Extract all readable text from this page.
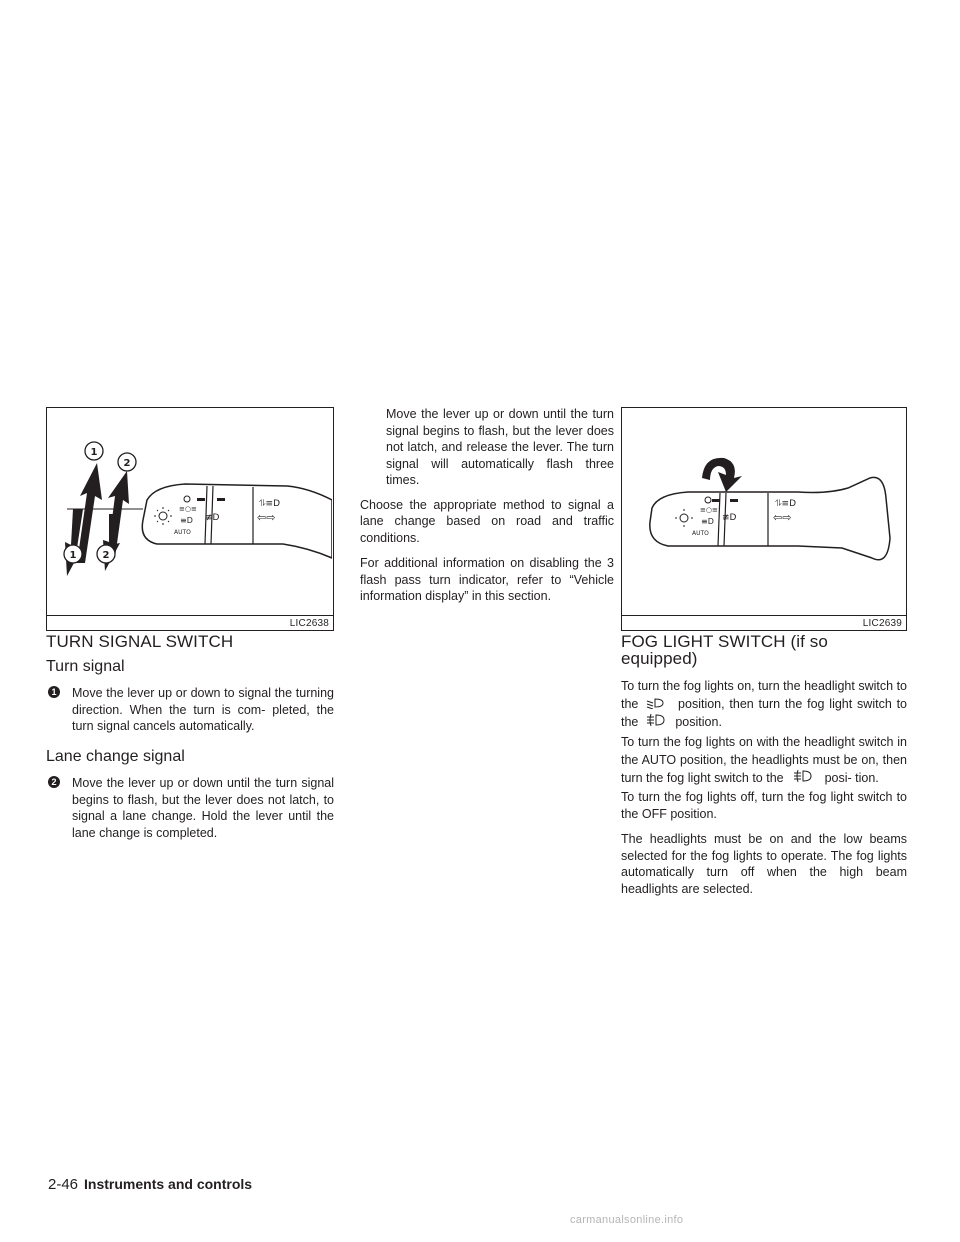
≡○≡
≡D
AUTO
≢D
⥮≡D
⇦⇨
1
2
1	2
LIC2638
≡○≡
≡D
AUTO
≢D
⥮≡D
⇦⇨
LIC2639
TURN SIGNAL SWITCH
Turn signal
1 Move the lever up or down to signal the turning direction. When the turn is com- pleted, the turn signal cancels automatically.
Lane change signal
2 Move the lever up or down until the turn signal begins to flash, but the lever does not latch, to signal a lane change. Hold the lever until the lane change is completed.
Move the lever up or down until the turn signal begins to flash, but the lever does not latch, and release the lever. The turn signal will automatically flash three times.

Choose the appropriate method to signal a lane change based on road and traffic conditions.

For additional information on disabling the 3 flash pass turn indicator, refer to “Vehicle information display” in this section.

FOG LIGHT SWITCH (if so equipped)

To turn the fog lights on, turn the headlight switch to the	position, then turn the fog light switch to the	position.

To turn the fog lights on with the headlight switch in the AUTO position, the headlights must be on, then turn the fog light switch to the	posi- tion.

To turn the fog lights off, turn the fog light switch to the OFF position.

The headlights must be on and the low beams selected for the fog lights to operate. The fog lights automatically turn off when the high beam headlights are selected.

2-46 Instruments and controls
carmanualsonline.info
